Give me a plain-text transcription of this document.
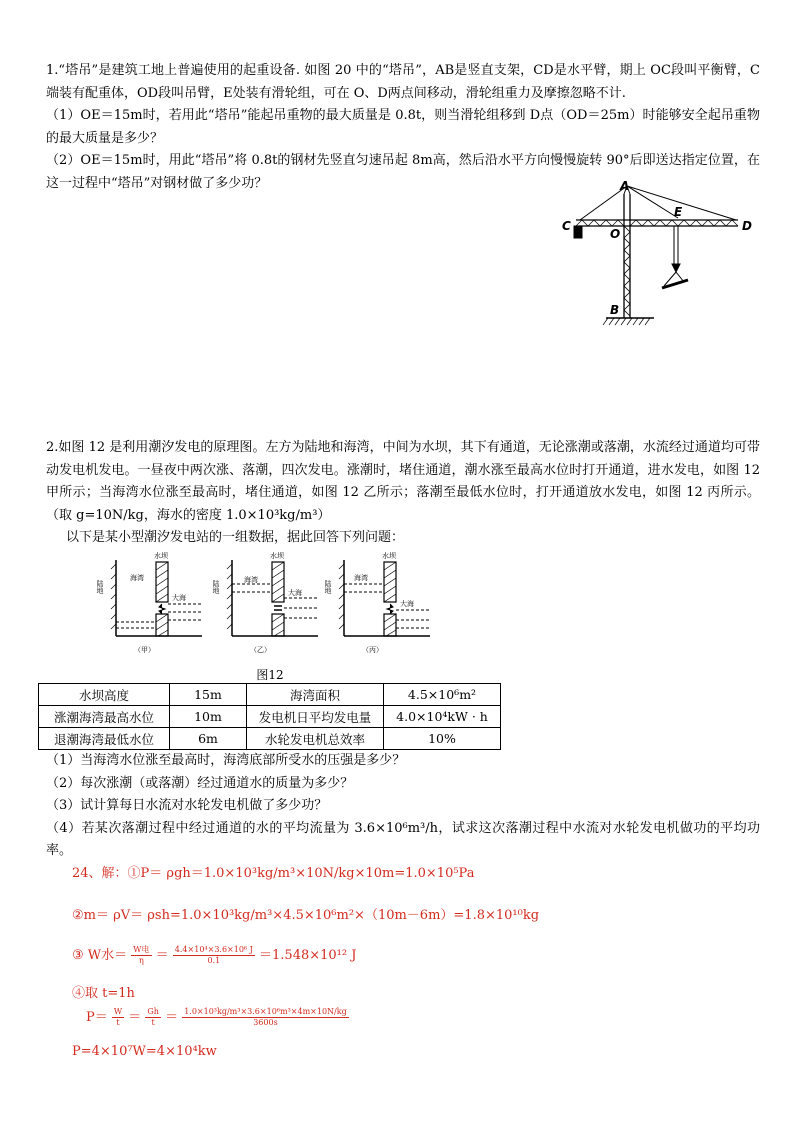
1.“塔吊”是建筑工地上普遍使用的起重设备. 如图 20 中的“塔吊”，AB是竖直支架，CD是水平臂，期上 OC段叫平衡臂，C端装有配重体，OD段叫吊臂，E处装有滑轮组，可在 O、D两点间移动，滑轮组重力及摩擦忽略不计.

（1）OE＝15m时，若用此“塔吊”能起吊重物的最大质量是 0.8t，则当滑轮组移到 D点（OD＝25m）时能够安全起吊重物的最大质量是多少？

（2）OE＝15m时，用此“塔吊”将 0.8t的钢材先竖直匀速吊起 8m高，然后沿水平方向慢慢旋转 90°后即送达指定位置，在这一过程中“塔吊”对钢材做了多少功？	A
B
C	D
E
O

2.如图 12 是利用潮汐发电的原理图。左方为陆地和海湾，中间为水坝，其下有通道，无论涨潮或落潮，水流经过通道均可带动发电机发电。一昼夜中两次涨、落潮，四次发电。涨潮时，堵住通道，潮水涨至最高水位时打开通道，进水发电，如图 12 甲所示；当海湾水位涨至最高时，堵住通道，如图 12 乙所示；落潮至最低水位时，打开通道放水发电，如图 12 丙所示。（取 g=10N/kg，海水的密度 1.0×10³kg/m³）

以下是某小型潮汐发电站的一组数据，据此回答下列问题：

陆地
海湾
水坝
大海
（甲）
陆地	海湾
水坝
大海
（乙）
陆地
海湾
水坝
大海
（丙）
图12
水坝高度	15m	海湾面积	4.5×10⁶m²
涨潮海湾最高水位	10m	发电机日平均发电量	4.0×10⁴kW · h
退潮海湾最低水位	6m	水轮发电机总效率	10%

（1）当海湾水位涨至最高时，海湾底部所受水的压强是多少？

（2）每次涨潮（或落潮）经过通道水的质量为多少？

（3）试计算每日水流对水轮发电机做了多少功？

（4）若某次落潮过程中经过通道的水的平均流量为 3.6×10⁶m³/h，试求这次落潮过程中水流对水轮发电机做功的平均功率。

24、解：①P＝ ρgh＝1.0×10³kg/m³×10N/kg×10m=1.0×10⁵Pa
②m＝ ρV＝ ρsh=1.0×10³kg/m³×4.5×10⁶m²×（10m－6m）=1.8×10¹⁰kg
③ W水＝ $\frac{\text{W电}}{\eta} = \frac{\text{4.4×10⁴×3.6×10⁶ J}}{0.1} =1.548\times 10^{12}$ J
④取 t=1h
$P= \frac{W}{t} = \frac{Gh}{t} = \frac{\text{1.0×10³kg/m³×3.6×10⁶m³×4m×10N/kg}}{3600s}$
P=4×10⁷W=4×10⁴kw
